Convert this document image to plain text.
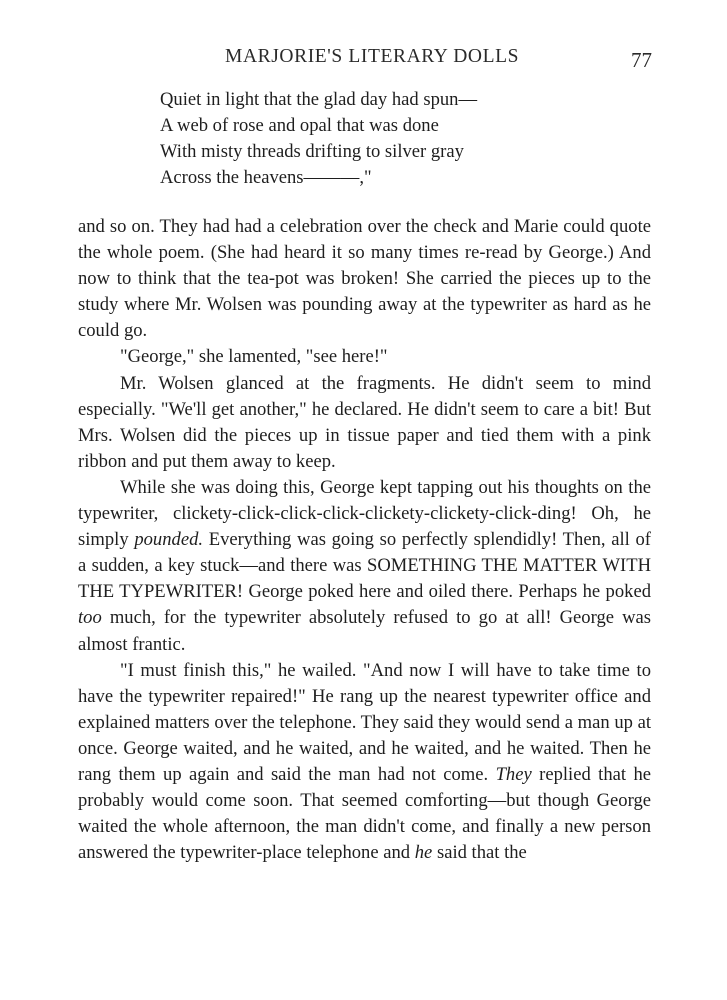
MARJORIE'S LITERARY DOLLS	77
Quiet in light that the glad day had spun—
A web of rose and opal that was done
With misty threads drifting to silver gray
Across the heavens———,"

and so on. They had had a celebration over the check and Marie could quote the whole poem. (She had heard it so many times re-read by George.) And now to think that the tea-pot was broken! She carried the pieces up to the study where Mr. Wolsen was pounding away at the typewriter as hard as he could go.

"George," she lamented, "see here!"

Mr. Wolsen glanced at the fragments. He didn't seem to mind especially. "We'll get another," he declared. He didn't seem to care a bit! But Mrs. Wolsen did the pieces up in tissue paper and tied them with a pink ribbon and put them away to keep.

While she was doing this, George kept tapping out his thoughts on the typewriter, clickety-click-click-click-clickety-clickety-click-ding! Oh, he simply pounded. Everything was going so perfectly splendidly! Then, all of a sudden, a key stuck—and there was SOMETHING THE MATTER WITH THE TYPEWRITER! George poked here and oiled there. Perhaps he poked too much, for the typewriter absolutely refused to go at all! George was almost frantic.

"I must finish this," he wailed. "And now I will have to take time to have the typewriter repaired!" He rang up the nearest typewriter office and explained matters over the telephone. They said they would send a man up at once. George waited, and he waited, and he waited, and he waited. Then he rang them up again and said the man had not come. They replied that he probably would come soon. That seemed comforting—but though George waited the whole afternoon, the man didn't come, and finally a new person answered the typewriter-place telephone and he said that the
